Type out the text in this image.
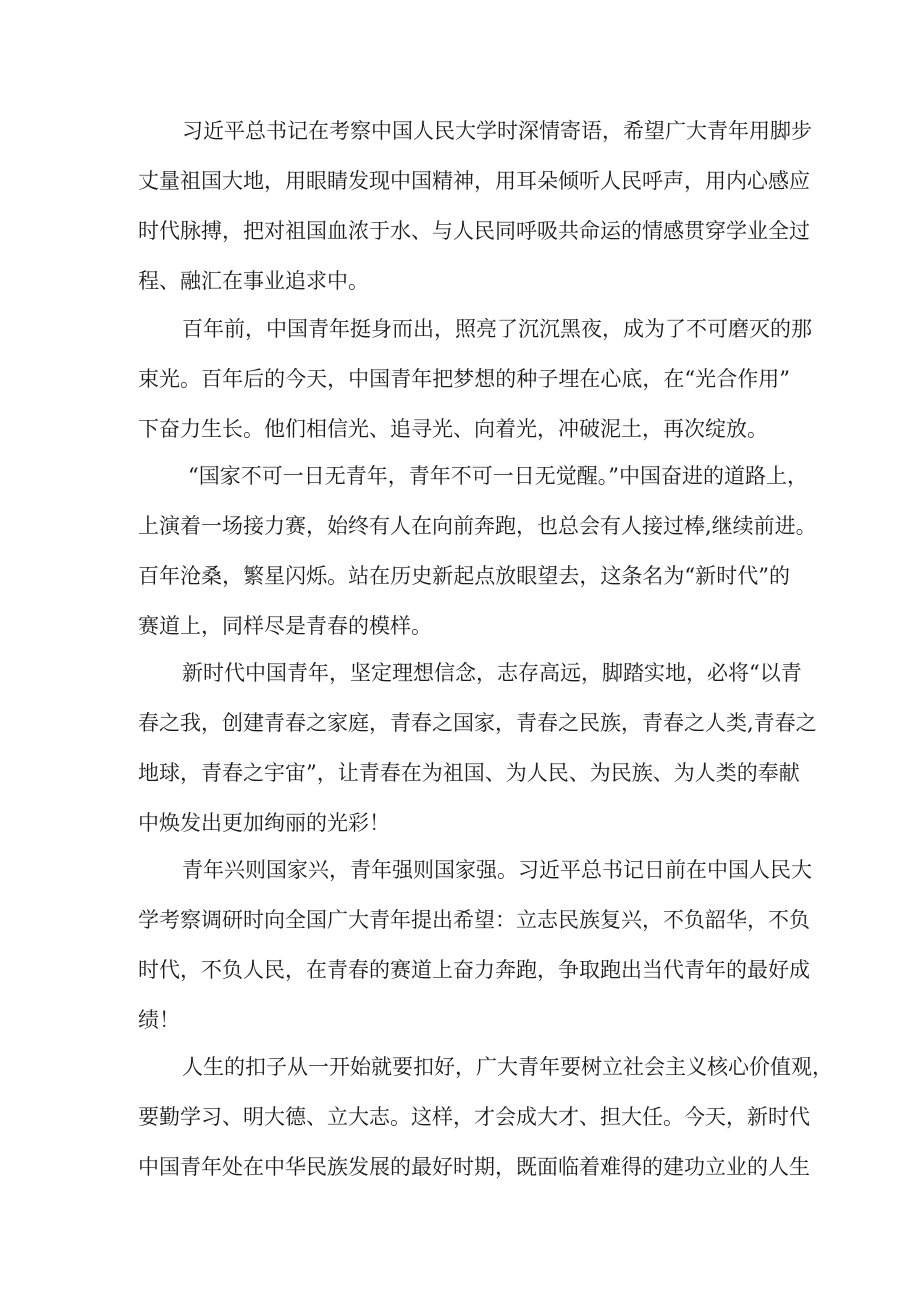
习近平总书记在考察中国人民大学时深情寄语，希望广大青年用脚步
丈量祖国大地，用眼睛发现中国精神，用耳朵倾听人民呼声，用内心感应
时代脉搏，把对祖国血浓于水、与人民同呼吸共命运的情感贯穿学业全过
程、融汇在事业追求中。
百年前，中国青年挺身而出，照亮了沉沉黑夜，成为了不可磨灭的那
束光。百年后的今天，中国青年把梦想的种子埋在心底，在“光合作用”
下奋力生长。他们相信光、追寻光、向着光，冲破泥土，再次绽放。
“国家不可一日无青年，青年不可一日无觉醒。”中国奋进的道路上，
上演着一场接力赛，始终有人在向前奔跑，也总会有人接过棒,继续前进。
百年沧桑，繁星闪烁。站在历史新起点放眼望去，这条名为“新时代”的
赛道上，同样尽是青春的模样。
新时代中国青年，坚定理想信念，志存高远，脚踏实地，必将“以青
春之我，创建青春之家庭，青春之国家，青春之民族，青春之人类,青春之
地球，青春之宇宙”，让青春在为祖国、为人民、为民族、为人类的奉献
中焕发出更加绚丽的光彩！
青年兴则国家兴，青年强则国家强。习近平总书记日前在中国人民大
学考察调研时向全国广大青年提出希望：立志民族复兴，不负韶华，不负
时代，不负人民，在青春的赛道上奋力奔跑，争取跑出当代青年的最好成
绩！
人生的扣子从一开始就要扣好，广大青年要树立社会主义核心价值观，
要勤学习、明大德、立大志。这样，才会成大才、担大任。今天，新时代
中国青年处在中华民族发展的最好时期，既面临着难得的建功立业的人生
